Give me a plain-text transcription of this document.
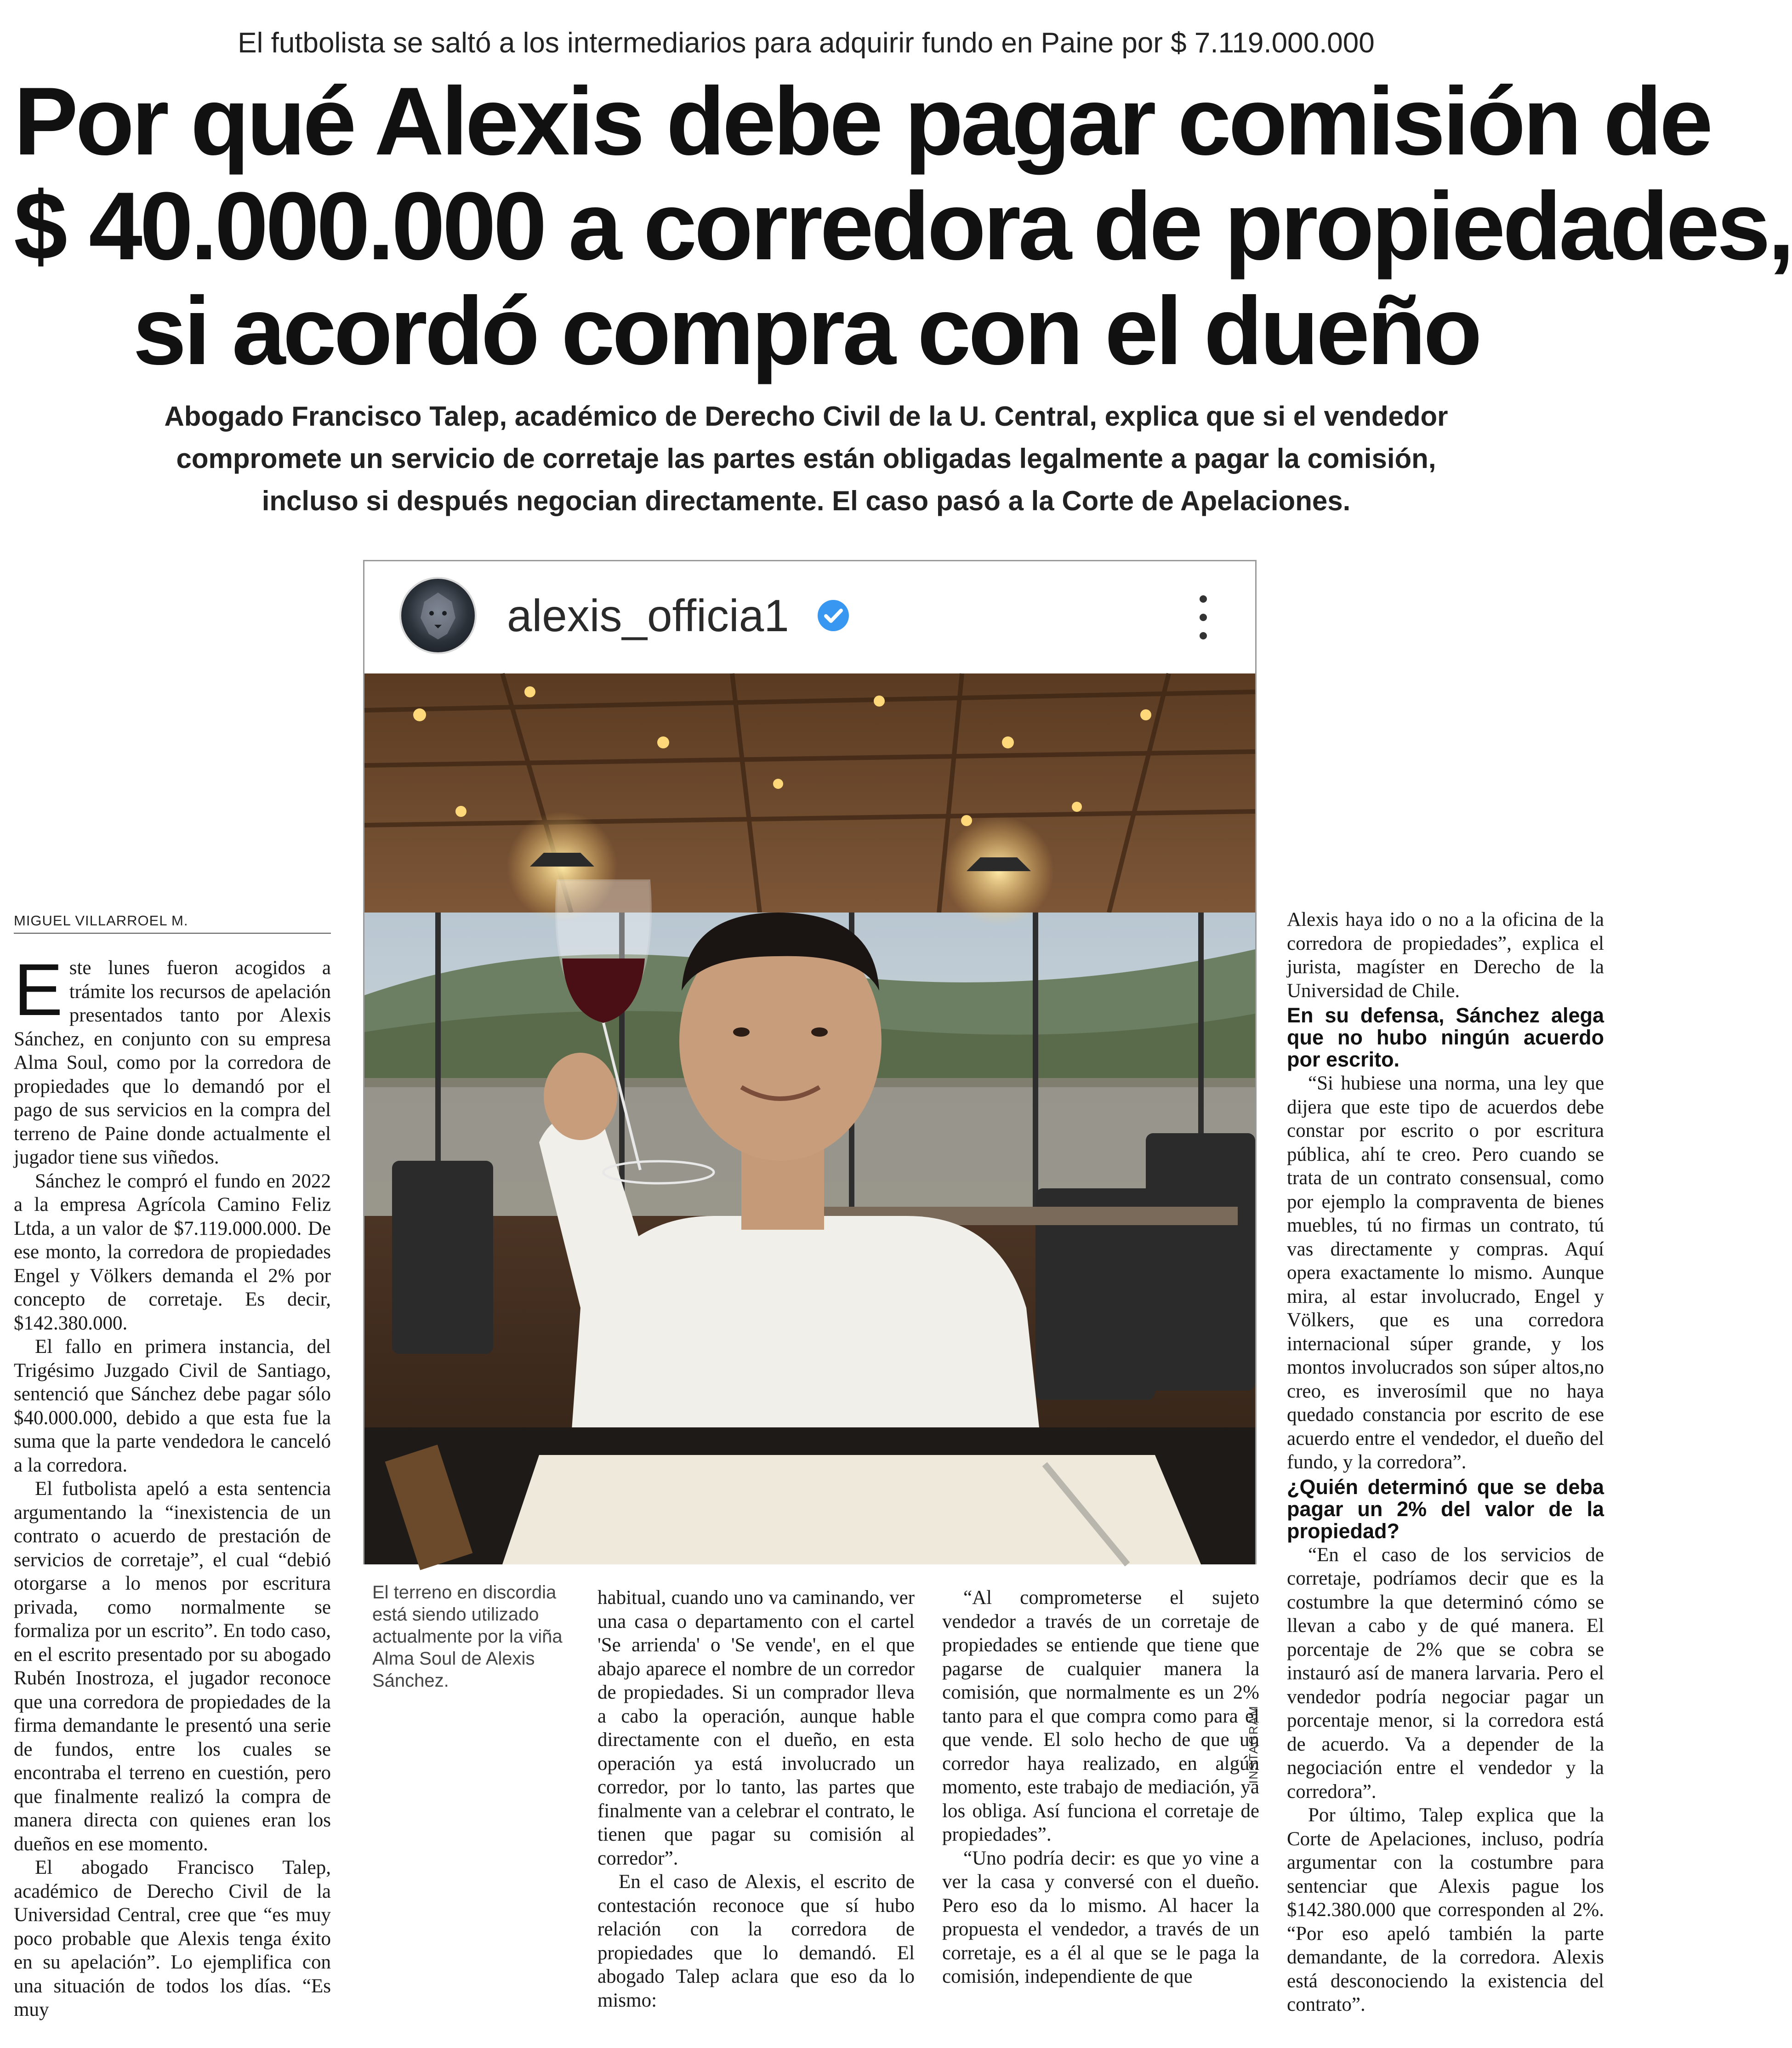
El futbolista se saltó a los intermediarios para adquirir fundo en Paine por $ 7.119.000.000
Por qué Alexis debe pagar comisión de
$ 40.000.000 a corredora de propiedades,
si acordó compra con el dueño
Abogado Francisco Talep, académico de Derecho Civil de la U. Central, explica que si el vendedor
compromete un servicio de corretaje las partes están obligadas legalmente a pagar la comisión,
incluso si después negocian directamente. El caso pasó a la Corte de Apelaciones.
alexis_officia1
INSTAGRAM
El terreno en discordia está siendo utilizado actualmente por la viña Alma Soul de Alexis Sánchez.
MIGUEL VILLARROEL M.

Este lunes fueron acogidos a trámite los recursos de apelación presentados tanto por Alexis Sánchez, en conjunto con su empresa Alma Soul, como por la corredora de propiedades que lo demandó por el pago de sus servicios en la compra del terreno de Paine donde actualmente el jugador tiene sus viñedos.

Sánchez le compró el fundo en 2022 a la empresa Agrícola Camino Feliz Ltda, a un valor de $7.119.000.000. De ese monto, la corredora de propiedades Engel y Völkers demanda el 2% por concepto de corretaje. Es decir, $142.380.000.

El fallo en primera instancia, del Trigésimo Juzgado Civil de Santiago, sentenció que Sánchez debe pagar sólo $40.000.000, debido a que esta fue la suma que la parte vendedora le canceló a la corredora.

El futbolista apeló a esta sentencia argumentando la “inexistencia de un contrato o acuerdo de prestación de servicios de corretaje”, el cual “debió otorgarse a lo menos por escritura privada, como normalmente se formaliza por un escrito”. En todo caso, en el escrito presentado por su abogado Rubén Inostroza, el jugador reconoce que una corredora de propiedades de la firma demandante le presentó una serie de fundos, entre los cuales se encontraba el terreno en cuestión, pero que finalmente realizó la compra de manera directa con quienes eran los dueños en ese momento.

El abogado Francisco Talep, académico de Derecho Civil de la Universidad Central, cree que “es muy poco probable que Alexis tenga éxito en su apelación”. Lo ejemplifica con una situación de todos los días. “Es muy

habitual, cuando uno va caminando, ver una casa o departamento con el cartel 'Se arrienda' o 'Se vende', en el que abajo aparece el nombre de un corredor de propiedades. Si un comprador lleva a cabo la operación, aunque hable directamente con el dueño, en esta operación ya está involucrado un corredor, por lo tanto, las partes que finalmente van a celebrar el contrato, le tienen que pagar su comisión al corredor”.

En el caso de Alexis, el escrito de contestación reconoce que sí hubo relación con la corredora de propiedades que lo demandó. El abogado Talep aclara que eso da lo mismo:

“Al comprometerse el sujeto vendedor a través de un corretaje de propiedades se entiende que tiene que pagarse de cualquier manera la comisión, que normalmente es un 2% tanto para el que compra como para el que vende. El solo hecho de que un corredor haya realizado, en algún momento, este trabajo de mediación, ya los obliga. Así funciona el corretaje de propiedades”.

“Uno podría decir: es que yo vine a ver la casa y conversé con el dueño. Pero eso da lo mismo. Al hacer la propuesta el vendedor, a través de un corretaje, es a él al que se le paga la comisión, independiente de que

Alexis haya ido o no a la oficina de la corredora de propiedades”, explica el jurista, magíster en Derecho de la Universidad de Chile.

En su defensa, Sánchez alega que no hubo ningún acuerdo por escrito.

“Si hubiese una norma, una ley que dijera que este tipo de acuerdos debe constar por escrito o por escritura pública, ahí te creo. Pero cuando se trata de un contrato consensual, como por ejemplo la compraventa de bienes muebles, tú no firmas un contrato, tú vas directamente y compras. Aquí opera exactamente lo mismo. Aunque mira, al estar involucrado, Engel y Völkers, que es una corredora internacional súper grande, y los montos involucrados son súper altos,no creo, es inverosímil que no haya quedado constancia por escrito de ese acuerdo entre el vendedor, el dueño del fundo, y la corredora”.

¿Quién determinó que se deba pagar un 2% del valor de la propiedad?

“En el caso de los servicios de corretaje, podríamos decir que es la costumbre la que determinó cómo se llevan a cabo y de qué manera. El porcentaje de 2% que se cobra se instauró así de manera larvaria. Pero el vendedor podría negociar pagar un porcentaje menor, si la corredora está de acuerdo. Va a depender de la negociación entre el vendedor y la corredora”.

Por último, Talep explica que la Corte de Apelaciones, incluso, podría argumentar con la costumbre para sentenciar que Alexis pague los $142.380.000 que corresponden al 2%. “Por eso apeló también la parte demandante, de la corredora. Alexis está desconociendo la existencia del contrato”.
